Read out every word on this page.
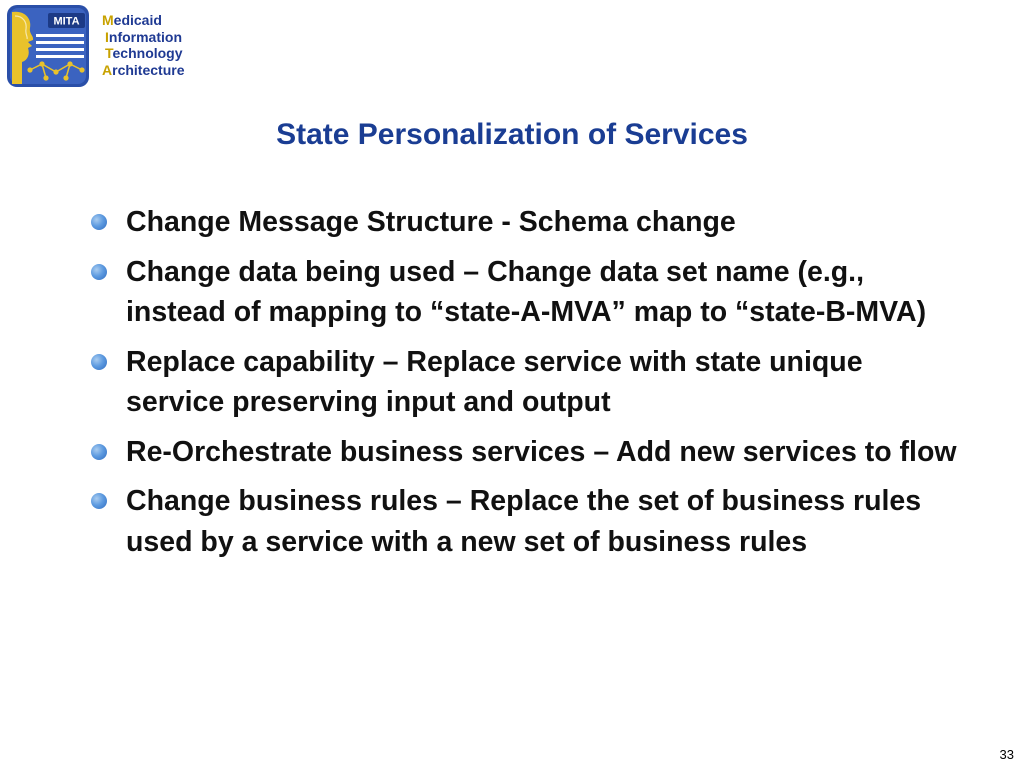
MITA Medicaid
Information
Technology
Architecture
State Personalization of Services
Change Message Structure - Schema change
Change data being used – Change data set name (e.g., instead of mapping to “state-A-MVA” map to “state-B-MVA)
Replace capability – Replace service with state unique service preserving input and output
Re-Orchestrate business services – Add new services to flow
Change business rules – Replace the set of business rules used by a service with a new set of business rules
33
